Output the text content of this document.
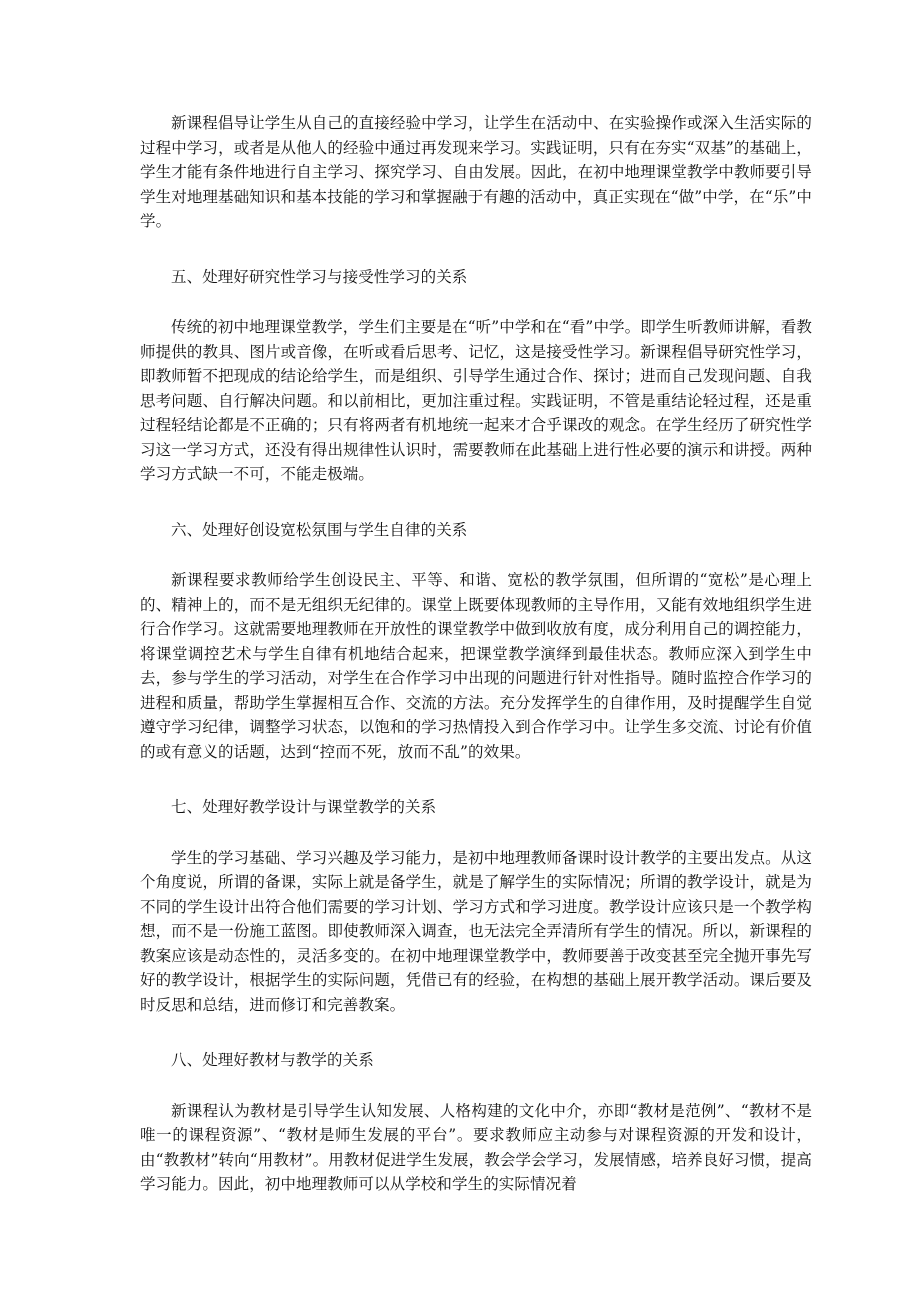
新课程倡导让学生从自己的直接经验中学习，让学生在活动中、在实验操作或深入生活实际的过程中学习，或者是从他人的经验中通过再发现来学习。实践证明，只有在夯实“双基”的基础上，学生才能有条件地进行自主学习、探究学习、自由发展。因此，在初中地理课堂教学中教师要引导学生对地理基础知识和基本技能的学习和掌握融于有趣的活动中，真正实现在“做”中学，在“乐”中学。

五、处理好研究性学习与接受性学习的关系

传统的初中地理课堂教学，学生们主要是在“听”中学和在“看”中学。即学生听教师讲解，看教师提供的教具、图片或音像，在听或看后思考、记忆，这是接受性学习。新课程倡导研究性学习，即教师暂不把现成的结论给学生，而是组织、引导学生通过合作、探讨；进而自己发现问题、自我思考问题、自行解决问题。和以前相比，更加注重过程。实践证明，不管是重结论轻过程，还是重过程轻结论都是不正确的；只有将两者有机地统一起来才合乎课改的观念。在学生经历了研究性学习这一学习方式，还没有得出规律性认识时，需要教师在此基础上进行性必要的演示和讲授。两种学习方式缺一不可，不能走极端。

六、处理好创设宽松氛围与学生自律的关系

新课程要求教师给学生创设民主、平等、和谐、宽松的教学氛围，但所谓的“宽松”是心理上的、精神上的，而不是无组织无纪律的。课堂上既要体现教师的主导作用，又能有效地组织学生进行合作学习。这就需要地理教师在开放性的课堂教学中做到收放有度，成分利用自己的调控能力，将课堂调控艺术与学生自律有机地结合起来，把课堂教学演绎到最佳状态。教师应深入到学生中去，参与学生的学习活动，对学生在合作学习中出现的问题进行针对性指导。随时监控合作学习的进程和质量，帮助学生掌握相互合作、交流的方法。充分发挥学生的自律作用，及时提醒学生自觉遵守学习纪律，调整学习状态，以饱和的学习热情投入到合作学习中。让学生多交流、讨论有价值的或有意义的话题，达到“控而不死，放而不乱”的效果。

七、处理好教学设计与课堂教学的关系

学生的学习基础、学习兴趣及学习能力，是初中地理教师备课时设计教学的主要出发点。从这个角度说，所谓的备课，实际上就是备学生，就是了解学生的实际情况；所谓的教学设计，就是为不同的学生设计出符合他们需要的学习计划、学习方式和学习进度。教学设计应该只是一个教学构想，而不是一份施工蓝图。即使教师深入调查，也无法完全弄清所有学生的情况。所以，新课程的教案应该是动态性的，灵活多变的。在初中地理课堂教学中，教师要善于改变甚至完全抛开事先写好的教学设计，根据学生的实际问题，凭借已有的经验，在构想的基础上展开教学活动。课后要及时反思和总结，进而修订和完善教案。

八、处理好教材与教学的关系

新课程认为教材是引导学生认知发展、人格构建的文化中介，亦即“教材是范例”、“教材不是唯一的课程资源”、“教材是师生发展的平台”。要求教师应主动参与对课程资源的开发和设计，由“教教材”转向“用教材”。用教材促进学生发展，教会学会学习，发展情感，培养良好习惯，提高学习能力。因此，初中地理教师可以从学校和学生的实际情况着
